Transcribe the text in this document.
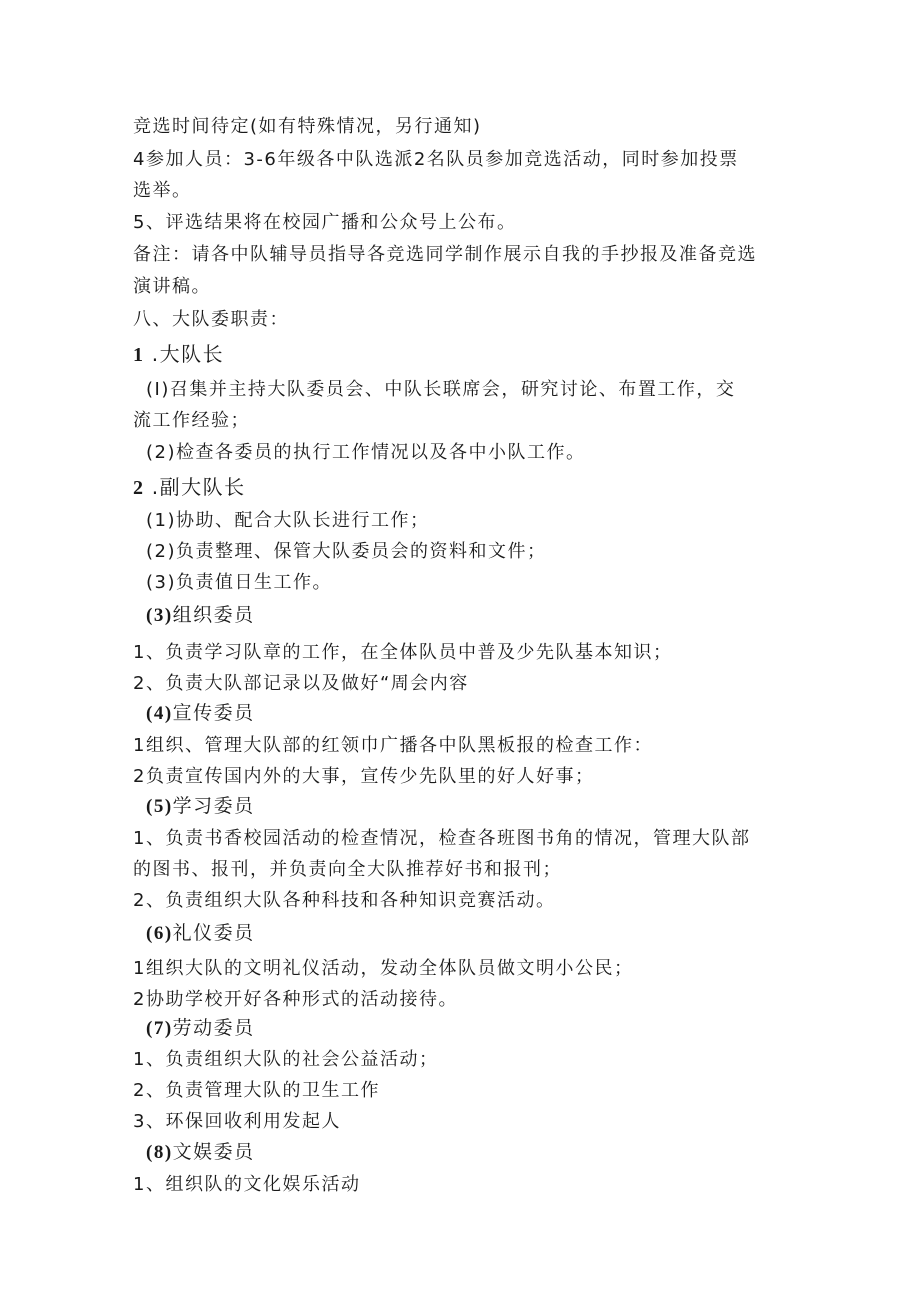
竞选时间待定(如有特殊情况，另行通知)
4参加人员：3-6年级各中队选派2名队员参加竞选活动，同时参加投票
选举。
5、评选结果将在校园广播和公众号上公布。
备注：请各中队辅导员指导各竞选同学制作展示自我的手抄报及准备竞选
演讲稿。
八、大队委职责：
1 .大队长
(I)召集并主持大队委员会、中队长联席会，研究讨论、布置工作，交
流工作经验；
(2)检查各委员的执行工作情况以及各中小队工作。
2 .副大队长
(1)协助、配合大队长进行工作；
(2)负责整理、保管大队委员会的资料和文件；
(3)负责值日生工作。
(3)组织委员
1、负责学习队章的工作，在全体队员中普及少先队基本知识；
2、负责大队部记录以及做好“周会内容
(4)宣传委员
1组织、管理大队部的红领巾广播各中队黑板报的检查工作：
2负责宣传国内外的大事，宣传少先队里的好人好事；
(5)学习委员
1、负责书香校园活动的检查情况，检查各班图书角的情况，管理大队部
的图书、报刊，并负责向全大队推荐好书和报刊；
2、负责组织大队各种科技和各种知识竞赛活动。
(6)礼仪委员
1组织大队的文明礼仪活动，发动全体队员做文明小公民；
2协助学校开好各种形式的活动接待。
(7)劳动委员
1、负责组织大队的社会公益活动；
2、负责管理大队的卫生工作
3、环保回收利用发起人
(8)文娱委员
1、组织队的文化娱乐活动
